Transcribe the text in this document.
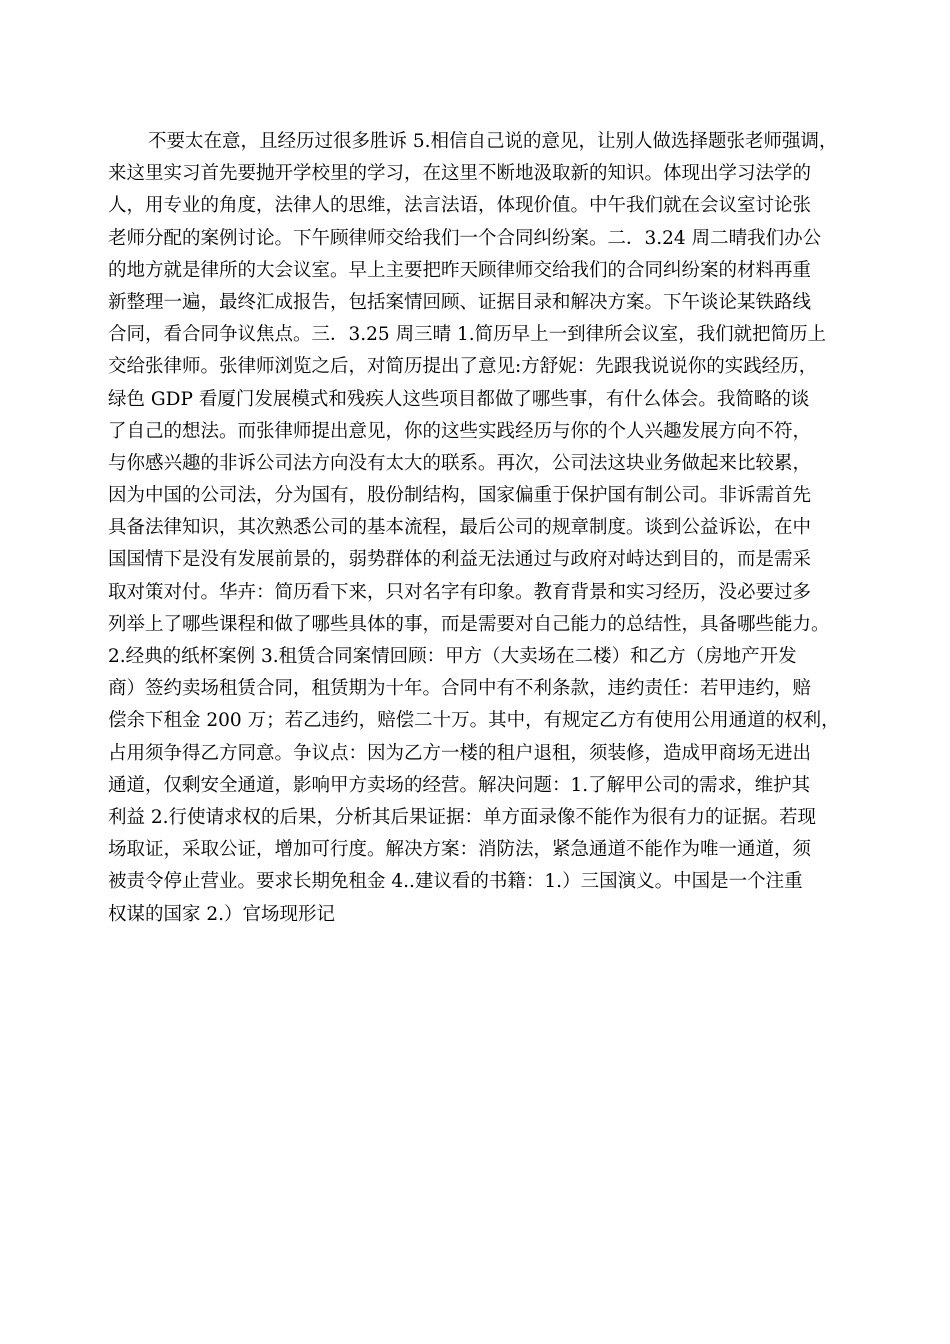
不要太在意，且经历过很多胜诉 5.相信自己说的意见，让别人做选择题张老师强调，
来这里实习首先要抛开学校里的学习，在这里不断地汲取新的知识。体现出学习法学的
人，用专业的角度，法律人的思维，法言法语，体现价值。中午我们就在会议室讨论张
老师分配的案例讨论。下午顾律师交给我们一个合同纠纷案。二．3.24 周二晴我们办公
的地方就是律所的大会议室。早上主要把昨天顾律师交给我们的合同纠纷案的材料再重
新整理一遍，最终汇成报告，包括案情回顾、证据目录和解决方案。下午谈论某铁路线
合同，看合同争议焦点。三．3.25 周三晴 1.简历早上一到律所会议室，我们就把简历上
交给张律师。张律师浏览之后，对简历提出了意见:方舒妮：先跟我说说你的实践经历，
绿色 GDP 看厦门发展模式和残疾人这些项目都做了哪些事，有什么体会。我简略的谈
了自己的想法。而张律师提出意见，你的这些实践经历与你的个人兴趣发展方向不符，
与你感兴趣的非诉公司法方向没有太大的联系。再次，公司法这块业务做起来比较累，
因为中国的公司法，分为国有，股份制结构，国家偏重于保护国有制公司。非诉需首先
具备法律知识，其次熟悉公司的基本流程，最后公司的规章制度。谈到公益诉讼，在中
国国情下是没有发展前景的，弱势群体的利益无法通过与政府对峙达到目的，而是需采
取对策对付。华卉：简历看下来，只对名字有印象。教育背景和实习经历，没必要过多
列举上了哪些课程和做了哪些具体的事，而是需要对自己能力的总结性，具备哪些能力。
2.经典的纸杯案例 3.租赁合同案情回顾：甲方（大卖场在二楼）和乙方（房地产开发
商）签约卖场租赁合同，租赁期为十年。合同中有不利条款，违约责任：若甲违约，赔
偿余下租金 200 万；若乙违约，赔偿二十万。其中，有规定乙方有使用公用通道的权利，
占用须争得乙方同意。争议点：因为乙方一楼的租户退租，须装修，造成甲商场无进出
通道，仅剩安全通道，影响甲方卖场的经营。解决问题：1.了解甲公司的需求，维护其
利益 2.行使请求权的后果，分析其后果证据：单方面录像不能作为很有力的证据。若现
场取证，采取公证，增加可行度。解决方案：消防法，紧急通道不能作为唯一通道，须
被责令停止营业。要求长期免租金 4..建议看的书籍：1.）三国演义。中国是一个注重
权谋的国家 2.）官场现形记
